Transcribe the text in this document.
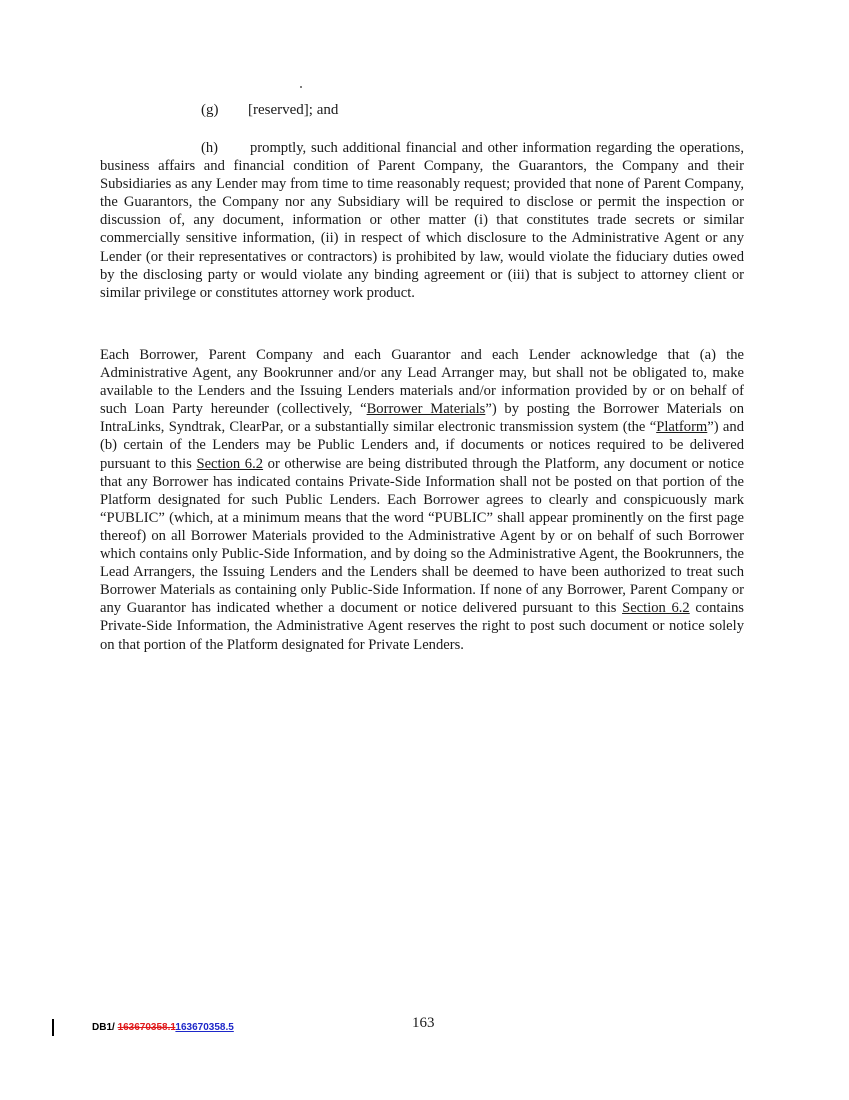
(g) [reserved]; and
(h) promptly, such additional financial and other information regarding the operations, business affairs and financial condition of Parent Company, the Guarantors, the Company and their Subsidiaries as any Lender may from time to time reasonably request; provided that none of Parent Company, the Guarantors, the Company nor any Subsidiary will be required to disclose or permit the inspection or discussion of, any document, information or other matter (i) that constitutes trade secrets or similar commercially sensitive information, (ii) in respect of which disclosure to the Administrative Agent or any Lender (or their representatives or contractors) is prohibited by law, would violate the fiduciary duties owed by the disclosing party or would violate any binding agreement or (iii) that is subject to attorney client or similar privilege or constitutes attorney work product.
Each Borrower, Parent Company and each Guarantor and each Lender acknowledge that (a) the Administrative Agent, any Bookrunner and/or any Lead Arranger may, but shall not be obligated to, make available to the Lenders and the Issuing Lenders materials and/or information provided by or on behalf of such Loan Party hereunder (collectively, “Borrower Materials”) by posting the Borrower Materials on IntraLinks, Syndtrak, ClearPar, or a substantially similar electronic transmission system (the “Platform”) and (b) certain of the Lenders may be Public Lenders and, if documents or notices required to be delivered pursuant to this Section 6.2 or otherwise are being distributed through the Platform, any document or notice that any Borrower has indicated contains Private-Side Information shall not be posted on that portion of the Platform designated for such Public Lenders. Each Borrower agrees to clearly and conspicuously mark “PUBLIC” (which, at a minimum means that the word “PUBLIC” shall appear prominently on the first page thereof) on all Borrower Materials provided to the Administrative Agent by or on behalf of such Borrower which contains only Public-Side Information, and by doing so the Administrative Agent, the Bookrunners, the Lead Arrangers, the Issuing Lenders and the Lenders shall be deemed to have been authorized to treat such Borrower Materials as containing only Public-Side Information. If none of any Borrower, Parent Company or any Guarantor has indicated whether a document or notice delivered pursuant to this Section 6.2 contains Private-Side Information, the Administrative Agent reserves the right to post such document or notice solely on that portion of the Platform designated for Private Lenders.
DB1/ 163670358.1163670358.5	163
